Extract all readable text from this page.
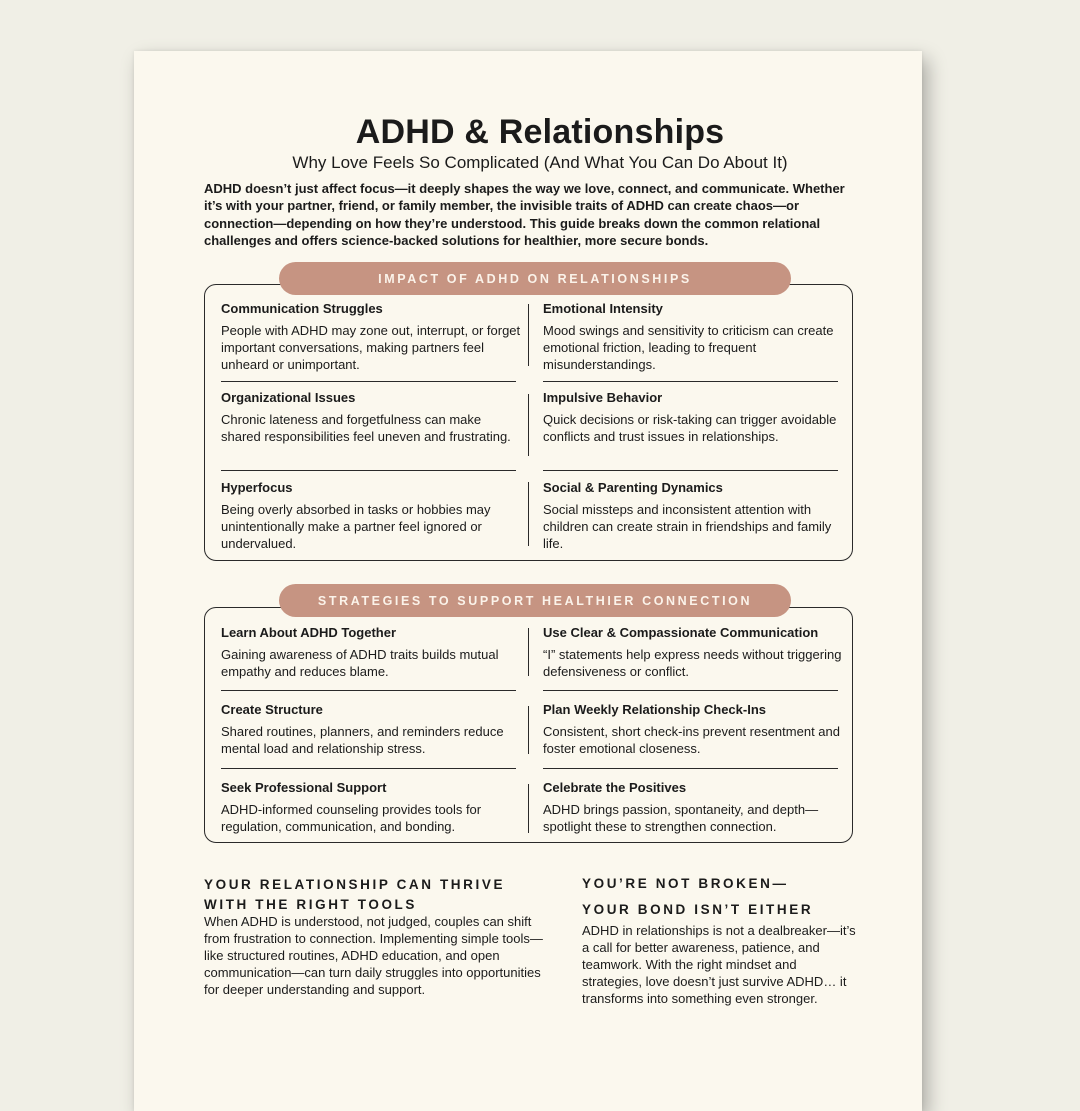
ADHD & Relationships
Why Love Feels So Complicated (And What You Can Do About It)
ADHD doesn’t just affect focus—it deeply shapes the way we love, connect, and communicate. Whether it’s with your partner, friend, or family member, the invisible traits of ADHD can create chaos—or connection—depending on how they’re understood. This guide breaks down the common relational challenges and offers science-backed solutions for healthier, more secure bonds.
IMPACT OF ADHD ON RELATIONSHIPS
Communication Struggles

People with ADHD may zone out, interrupt, or forget important conversations, making partners feel unheard or unimportant.

Emotional Intensity

Mood swings and sensitivity to criticism can create emotional friction, leading to frequent misunderstandings.

Organizational Issues

Chronic lateness and forgetfulness can make shared responsibilities feel uneven and frustrating.

Impulsive Behavior

Quick decisions or risk-taking can trigger avoidable conflicts and trust issues in relationships.

Hyperfocus

Being overly absorbed in tasks or hobbies may unintentionally make a partner feel ignored or undervalued.

Social & Parenting Dynamics

Social missteps and inconsistent attention with children can create strain in friendships and family life.

STRATEGIES TO SUPPORT HEALTHIER CONNECTION
Learn About ADHD Together

Gaining awareness of ADHD traits builds mutual empathy and reduces blame.

Use Clear & Compassionate Communication

“I” statements help express needs without triggering defensiveness or conflict.

Create Structure

Shared routines, planners, and reminders reduce mental load and relationship stress.

Plan Weekly Relationship Check-Ins

Consistent, short check-ins prevent resentment and foster emotional closeness.

Seek Professional Support

ADHD-informed counseling provides tools for regulation, communication, and bonding.

Celebrate the Positives

ADHD brings passion, spontaneity, and depth—spotlight these to strengthen connection.

YOUR RELATIONSHIP CAN THRIVE WITH THE RIGHT TOOLS

When ADHD is understood, not judged, couples can shift from frustration to connection. Implementing simple tools—like structured routines, ADHD education, and open communication—can turn daily struggles into opportunities for deeper understanding and support.

YOU’RE NOT BROKEN—
YOUR BOND ISN’T EITHER

ADHD in relationships is not a dealbreaker—it’s a call for better awareness, patience, and teamwork. With the right mindset and strategies, love doesn’t just survive ADHD… it transforms into something even stronger.
